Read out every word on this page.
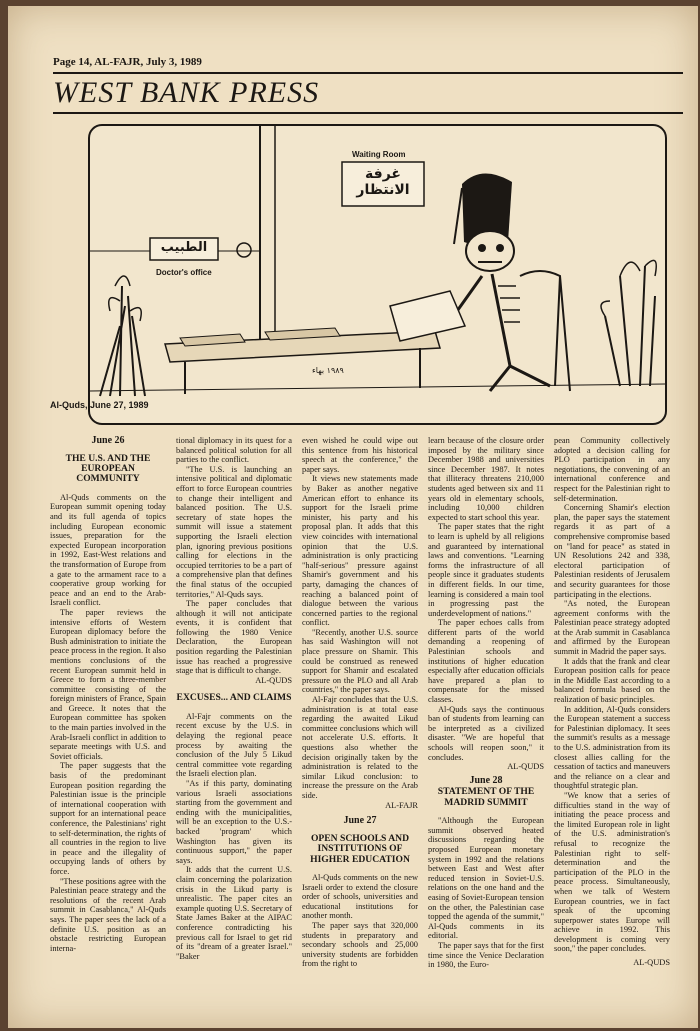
Page 14, AL-FAJR, July 3, 1989
WEST BANK PRESS
Waiting Room
غرفة الانتظار
الطبيب
Doctor's office
١٩٨٩ بهاء
Al-Quds, June 27, 1989
June 26
THE U.S. AND THE EUROPEAN COMMUNITY

Al-Quds comments on the European summit opening today and its full agenda of topics including European economic issues, preparation for the expected European incorporation in 1992, East-West relations and the transformation of Europe from a gate to the armament race to a cooperative group working for peace and an end to the Arab-Israeli conflict.

The paper reviews the intensive efforts of Western European diplomacy before the Bush administration to initiate the peace process in the region. It also mentions conclusions of the recent European summit held in Greece to form a three-member committee consisting of the foreign ministers of France, Spain and Greece. It notes that the European committee has spoken to the main parties involved in the Arab-Israeli conflict in addition to separate meetings with U.S. and Soviet officials.

The paper suggests that the basis of the predominant European position regarding the Palestinian issue is the principle of international cooperation with support for an international peace conference, the Palestinians' right to self-determination, the rights of all countries in the region to live in peace and the illegality of occupying lands of others by force.

"These positions agree with the Palestinian peace strategy and the resolutions of the recent Arab summit in Casablanca," Al-Quds says. The paper sees the lack of a definite U.S. position as an obstacle restricting European interna-

tional diplomacy in its quest for a balanced political solution for all parties to the conflict.

"The U.S. is launching an intensive political and diplomatic effort to force European countries to change their intelligent and balanced position. The U.S. secretary of state hopes the summit will issue a statement supporting the Israeli election plan, ignoring previous positions calling for elections in the occupied territories to be a part of a comprehensive plan that defines the final status of the occupied territories," Al-Quds says.

The paper concludes that although it will not anticipate events, it is confident that following the 1980 Venice Declaration, the European position regarding the Palestinian issue has reached a progressive stage that is difficult to change.

AL-QUDS
EXCUSES... AND CLAIMS

Al-Fajr comments on the recent excuse by the U.S. in delaying the regional peace process by awaiting the conclusion of the July 5 Likud central committee vote regarding the Israeli election plan.

"As if this party, dominating various Israeli associations starting from the government and ending with the municipalities, will be an exception to the U.S.-backed 'program' which Washington has given its continuous support," the paper says.

It adds that the current U.S. claim concerning the polarization crisis in the Likud party is unrealistic. The paper cites an example quoting U.S. Secretary of State James Baker at the AIPAC conference contradicting his previous call for Israel to get rid of its "dream of a greater Israel." "Baker

even wished he could wipe out this sentence from his historical speech at the conference," the paper says.

It views new statements made by Baker as another negative American effort to enhance its support for the Israeli prime minister, his party and his proposal plan. It adds that this view coincides with international opinion that the U.S. administration is only practicing "half-serious" pressure against Shamir's government and his party, damaging the chances of reaching a balanced point of dialogue between the various concerned parties to the regional conflict.

"Recently, another U.S. source has said Washington will not place pressure on Shamir. This could be construed as renewed support for Shamir and escalated pressure on the PLO and all Arab countries," the paper says.

Al-Fajr concludes that the U.S. administration is at total ease regarding the awaited Likud committee conclusions which will not accelerate U.S. efforts. It questions also whether the decision originally taken by the administration is related to the similar Likud conclusion: to increase the pressure on the Arab side.

AL-FAJR
June 27
OPEN SCHOOLS AND INSTITUTIONS OF HIGHER EDUCATION

Al-Quds comments on the new Israeli order to extend the closure order of schools, universities and educational institutions for another month.

The paper says that 320,000 students in preparatory and secondary schools and 25,000 university students are forbidden from the right to

learn because of the closure order imposed by the military since December 1988 and universities since December 1987. It notes that illiteracy threatens 210,000 students aged between six and 11 years old in elementary schools, including 10,000 children expected to start school this year.

The paper states that the right to learn is upheld by all religions and guaranteed by international laws and conventions. "Learning forms the infrastructure of all people since it graduates students in different fields. In our time, learning is considered a main tool in progressing past the underdevelopment of nations."

The paper echoes calls from different parts of the world demanding a reopening of Palestinian schools and institutions of higher education especially after education officials have prepared a plan to compensate for the missed classes.

Al-Quds says the continuous ban of students from learning can be interpreted as a civilized disaster. "We are hopeful that schools will reopen soon," it concludes.

AL-QUDS
June 28
STATEMENT OF THE MADRID SUMMIT

"Although the European summit observed heated discussions regarding the proposed European monetary system in 1992 and the relations between East and West after reduced tension in Soviet-U.S. relations on the one hand and the easing of Soviet-European tension on the other, the Palestinian case topped the agenda of the summit," Al-Quds comments in its editorial.

The paper says that for the first time since the Venice Declaration in 1980, the Euro-

pean Community collectively adopted a decision calling for PLO participation in any negotiations, the convening of an international conference and respect for the Palestinian right to self-determination.

Concerning Shamir's election plan, the paper says the statement regards it as part of a comprehensive compromise based on "land for peace" as stated in UN Resolutions 242 and 338, electoral participation of Palestinian residents of Jerusalem and security guarantees for those participating in the elections.

"As noted, the European agreement conforms with the Palestinian peace strategy adopted at the Arab summit in Casablanca and affirmed by the European summit in Madrid the paper says.

It adds that the frank and clear European position calls for peace in the Middle East according to a balanced formula based on the realization of basic principles.

In addition, Al-Quds considers the European statement a success for Palestinian diplomacy. It sees the summit's results as a message to the U.S. administration from its closest allies calling for the cessation of tactics and maneuvers and the reliance on a clear and thoughtful strategic plan.

"We know that a series of difficulties stand in the way of initiating the peace process and the limited European role in light of the U.S. administration's refusal to recognize the Palestinian right to self-determination and the participation of the PLO in the peace process. Simultaneously, when we talk of Western European countries, we in fact speak of the upcoming superpower states Europe will achieve in 1992. This development is coming very soon," the paper concludes.

AL-QUDS
